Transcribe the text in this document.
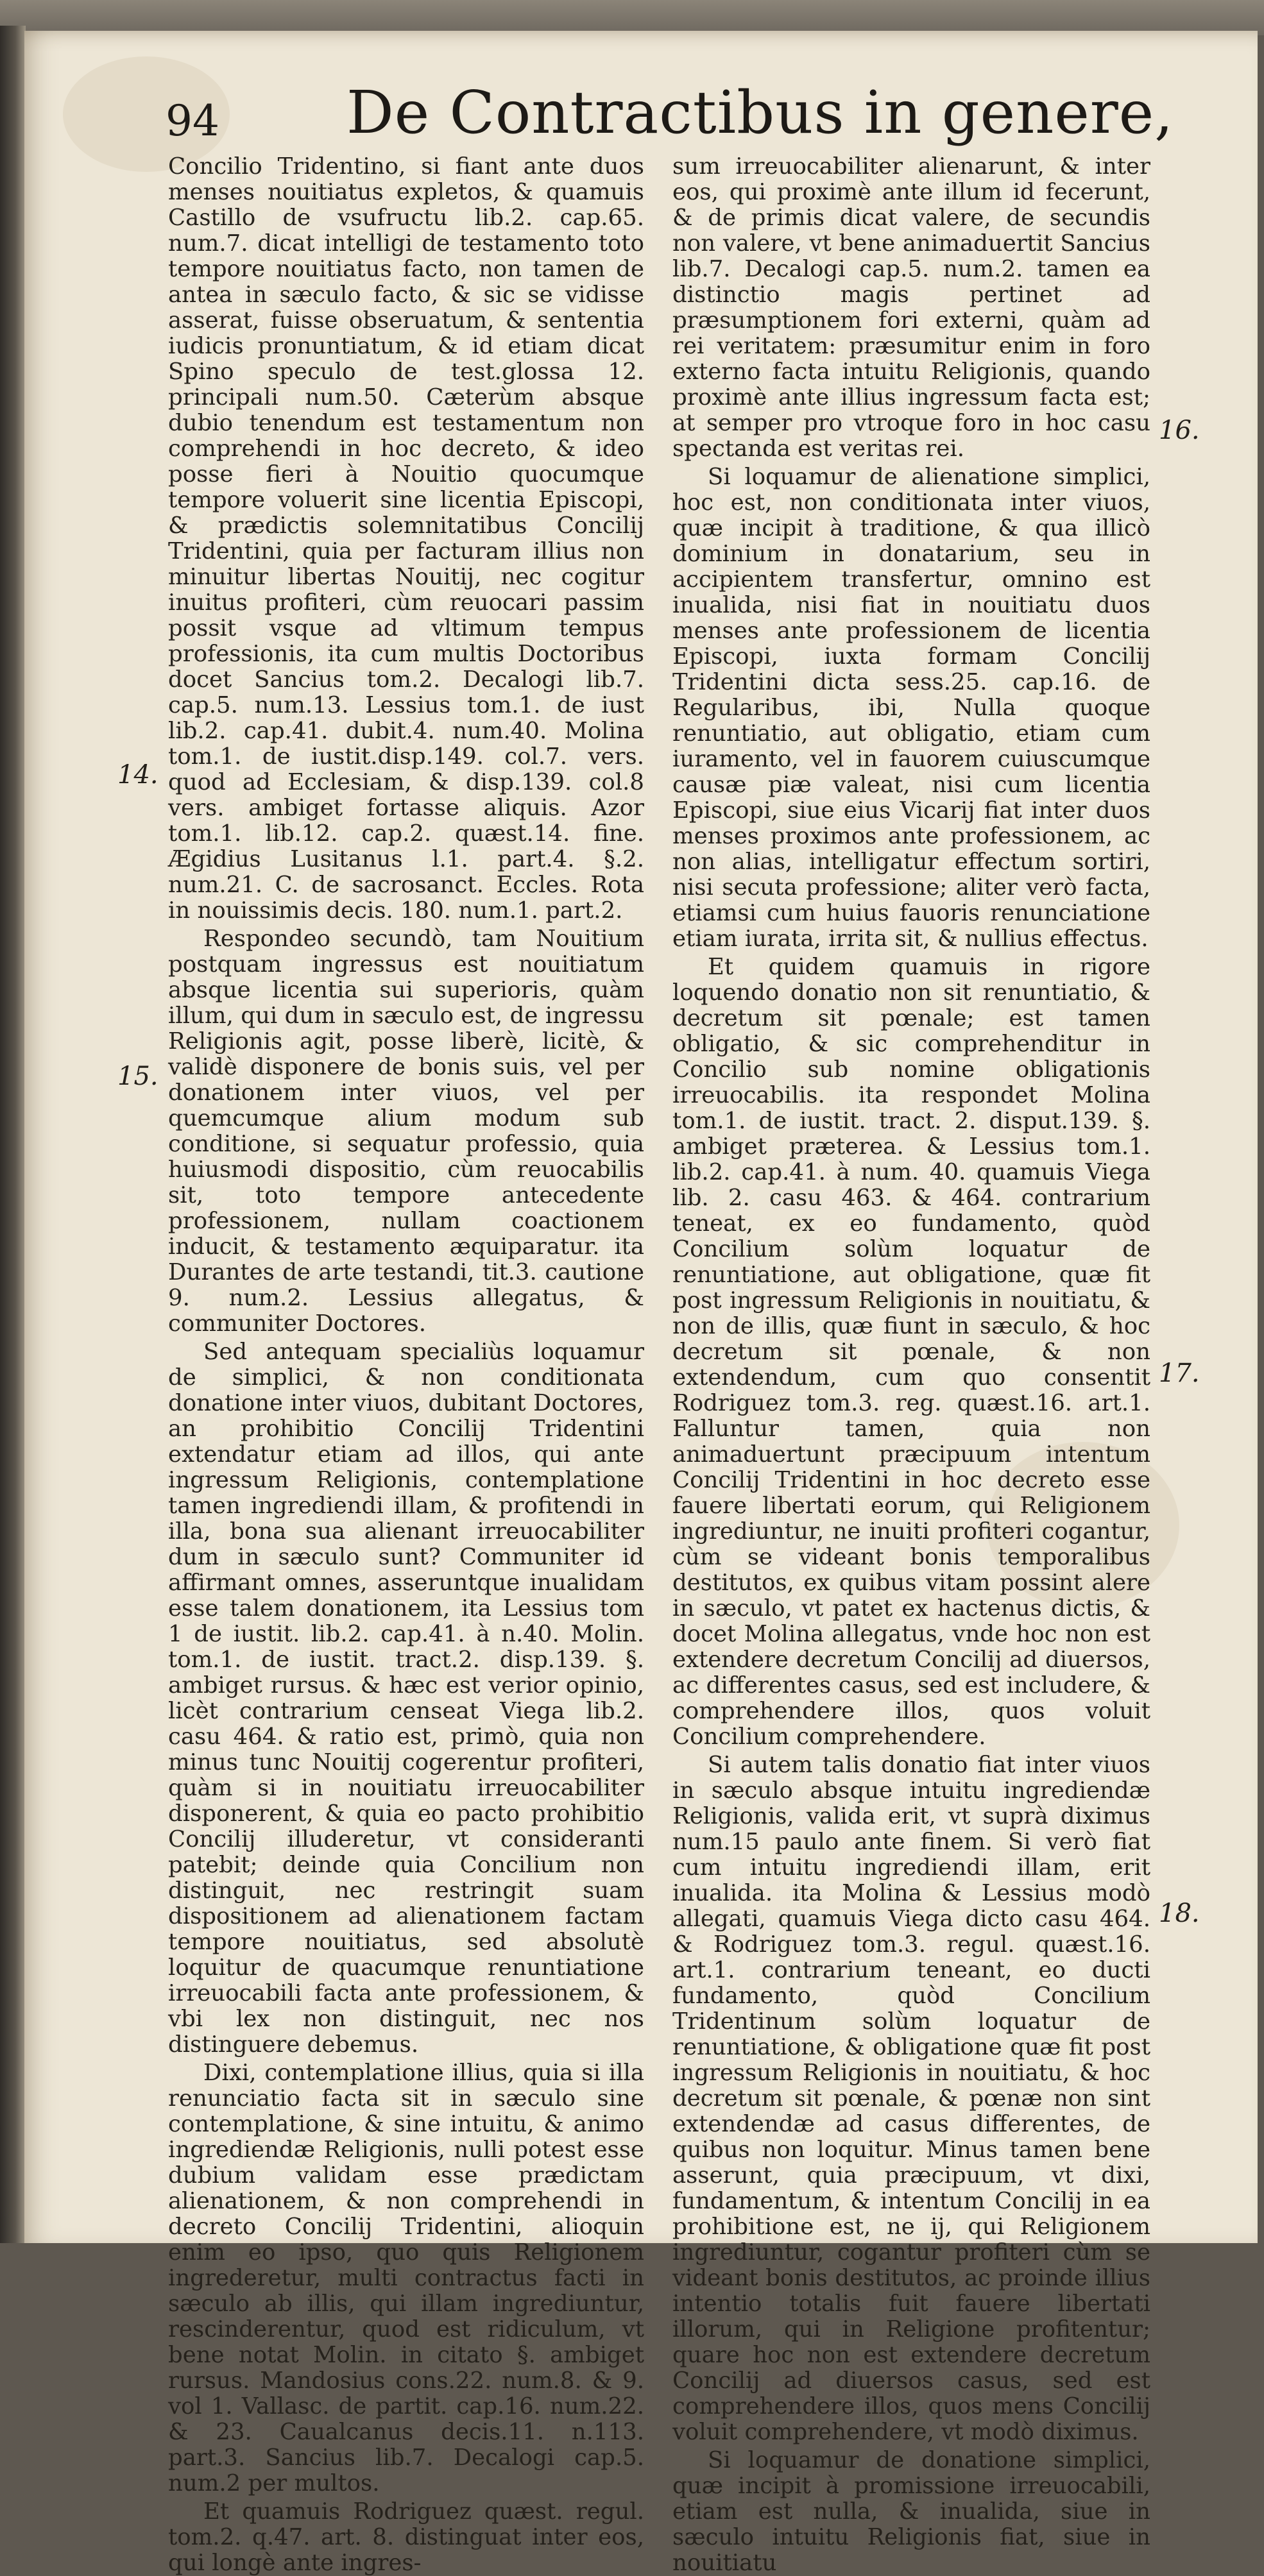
94 De Contractibus in genere,
14.
15.
16.
17.
18.

Concilio Tridentino, si fiant ante duos menses nouitiatus expletos, & quamuis Castillo de vsufructu lib.2. cap.65. num.7. dicat intelligi de testamento toto tempore nouitiatus facto, non tamen de antea in sæculo facto, & sic se vidisse asserat, fuisse obseruatum, & sententia iudicis pronuntiatum, & id etiam dicat Spino speculo de test.glossa 12. principali num.50. Cæterùm absque dubio tenendum est testamentum non comprehendi in hoc decreto, & ideo posse fieri à Nouitio quocumque tempore voluerit sine licentia Episcopi, & prædictis solemnitatibus Concilij Tridentini, quia per facturam illius non minuitur libertas Nouitij, nec cogitur inuitus profiteri, cùm reuocari passim possit vsque ad vltimum tempus professionis, ita cum multis Doctoribus docet Sancius tom.2. Decalogi lib.7. cap.5. num.13. Lessius tom.1. de iust lib.2. cap.41. dubit.4. num.40. Molina tom.1. de iustit.disp.149. col.7. vers. quod ad Ecclesiam, & disp.139. col.8 vers. ambiget fortasse aliquis. Azor tom.1. lib.12. cap.2. quæst.14. fine. Ægidius Lusitanus l.1. part.4. §.2. num.21. C. de sacrosanct. Eccles. Rota in nouissimis decis. 180. num.1. part.2.

Respondeo secundò, tam Nouitium postquam ingressus est nouitiatum absque licentia sui superioris, quàm illum, qui dum in sæculo est, de ingressu Religionis agit, posse liberè, licitè, & validè disponere de bonis suis, vel per donationem inter viuos, vel per quemcumque alium modum sub conditione, si sequatur professio, quia huiusmodi dispositio, cùm reuocabilis sit, toto tempore antecedente professionem, nullam coactionem inducit, & testamento æquiparatur. ita Durantes de arte testandi, tit.3. cautione 9. num.2. Lessius allegatus, & communiter Doctores.

Sed antequam specialiùs loquamur de simplici, & non conditionata donatione inter viuos, dubitant Doctores, an prohibitio Concilij Tridentini extendatur etiam ad illos, qui ante ingressum Religionis, contemplatione tamen ingrediendi illam, & profitendi in illa, bona sua alienant irreuocabiliter dum in sæculo sunt? Communiter id affirmant omnes, asseruntque inualidam esse talem donationem, ita Lessius tom 1 de iustit. lib.2. cap.41. à n.40. Molin. tom.1. de iustit. tract.2. disp.139. §. ambiget rursus. & hæc est verior opinio, licèt contrarium censeat Viega lib.2. casu 464. & ratio est, primò, quia non minus tunc Nouitij cogerentur profiteri, quàm si in nouitiatu irreuocabiliter disponerent, & quia eo pacto prohibitio Concilij illuderetur, vt consideranti patebit; deinde quia Concilium non distinguit, nec restringit suam dispositionem ad alienationem factam tempore nouitiatus, sed absolutè loquitur de quacumque renuntiatione irreuocabili facta ante professionem, & vbi lex non distinguit, nec nos distinguere debemus.

Dixi, contemplatione illius, quia si illa renunciatio facta sit in sæculo sine contemplatione, & sine intuitu, & animo ingrediendæ Religionis, nulli potest esse dubium validam esse prædictam alienationem, & non comprehendi in decreto Concilij Tridentini, alioquin enim eo ipso, quo quis Religionem ingrederetur, multi contractus facti in sæculo ab illis, qui illam ingrediuntur, rescinderentur, quod est ridiculum, vt bene notat Molin. in citato §. ambiget rursus. Mandosius cons.22. num.8. & 9. vol 1. Vallasc. de partit. cap.16. num.22. & 23. Caualcanus decis.11. n.113. part.3. Sancius lib.7. Decalogi cap.5. num.2 per multos.

Et quamuis Rodriguez quæst. regul. tom.2. q.47. art. 8. distinguat inter eos, qui longè ante ingres-

sum irreuocabiliter alienarunt, & inter eos, qui proximè ante illum id fecerunt, & de primis dicat valere, de secundis non valere, vt bene animaduertit Sancius lib.7. Decalogi cap.5. num.2. tamen ea distinctio magis pertinet ad præsumptionem fori externi, quàm ad rei veritatem: præsumitur enim in foro externo facta intuitu Religionis, quando proximè ante illius ingressum facta est; at semper pro vtroque foro in hoc casu spectanda est veritas rei.

Si loquamur de alienatione simplici, hoc est, non conditionata inter viuos, quæ incipit à traditione, & qua illicò dominium in donatarium, seu in accipientem transfertur, omnino est inualida, nisi fiat in nouitiatu duos menses ante professionem de licentia Episcopi, iuxta formam Concilij Tridentini dicta sess.25. cap.16. de Regularibus, ibi, Nulla quoque renuntiatio, aut obligatio, etiam cum iuramento, vel in fauorem cuiuscumque causæ piæ valeat, nisi cum licentia Episcopi, siue eius Vicarij fiat inter duos menses proximos ante professionem, ac non alias, intelligatur effectum sortiri, nisi secuta professione; aliter verò facta, etiamsi cum huius fauoris renunciatione etiam iurata, irrita sit, & nullius effectus.

Et quidem quamuis in rigore loquendo donatio non sit renuntiatio, & decretum sit pœnale; est tamen obligatio, & sic comprehenditur in Concilio sub nomine obligationis irreuocabilis. ita respondet Molina tom.1. de iustit. tract. 2. disput.139. §. ambiget præterea. & Lessius tom.1. lib.2. cap.41. à num. 40. quamuis Viega lib. 2. casu 463. & 464. contrarium teneat, ex eo fundamento, quòd Concilium solùm loquatur de renuntiatione, aut obligatione, quæ fit post ingressum Religionis in nouitiatu, & non de illis, quæ fiunt in sæculo, & hoc decretum sit pœnale, & non extendendum, cum quo consentit Rodriguez tom.3. reg. quæst.16. art.1. Falluntur tamen, quia non animaduertunt præcipuum intentum Concilij Tridentini in hoc decreto esse fauere libertati eorum, qui Religionem ingrediuntur, ne inuiti profiteri cogantur, cùm se videant bonis temporalibus destitutos, ex quibus vitam possint alere in sæculo, vt patet ex hactenus dictis, & docet Molina allegatus, vnde hoc non est extendere decretum Concilij ad diuersos, ac differentes casus, sed est includere, & comprehendere illos, quos voluit Concilium comprehendere.

Si autem talis donatio fiat inter viuos in sæculo absque intuitu ingrediendæ Religionis, valida erit, vt suprà diximus num.15 paulo ante finem. Si verò fiat cum intuitu ingrediendi illam, erit inualida. ita Molina & Lessius modò allegati, quamuis Viega dicto casu 464. & Rodriguez tom.3. regul. quæst.16. art.1. contrarium teneant, eo ducti fundamento, quòd Concilium Tridentinum solùm loquatur de renuntiatione, & obligatione quæ fit post ingressum Religionis in nouitiatu, & hoc decretum sit pœnale, & pœnæ non sint extendendæ ad casus differentes, de quibus non loquitur. Minus tamen bene asserunt, quia præcipuum, vt dixi, fundamentum, & intentum Concilij in ea prohibitione est, ne ij, qui Religionem ingrediuntur, cogantur profiteri cùm se videant bonis destitutos, ac proinde illius intentio totalis fuit fauere libertati illorum, qui in Religione profitentur; quare hoc non est extendere decretum Concilij ad diuersos casus, sed est comprehendere illos, quos mens Concilij voluit comprehendere, vt modò diximus.

Si loquamur de donatione simplici, quæ incipit à promissione irreuocabili, etiam est nulla, & inualida, siue in sæculo intuitu Religionis fiat, siue in nouitiatu
